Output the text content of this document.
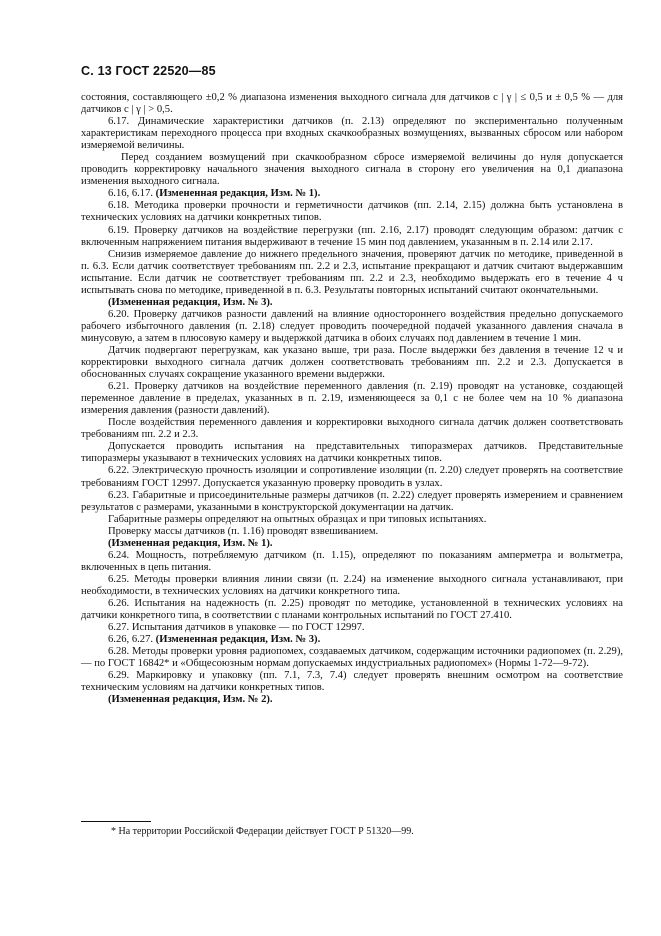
С. 13 ГОСТ 22520—85

состояния, составляющего ±0,2 % диапазона изменения выходного сигнала для датчиков с | γ | ≤ 0,5 и ± 0,5 % — для датчиков с | γ | > 0,5.

6.17. Динамические характеристики датчиков (п. 2.13) определяют по экспериментально полученным характеристикам переходного процесса при входных скачкообразных возмущениях, вызванных сбросом или набором измеряемой величины.

Перед созданием возмущений при скачкообразном сбросе измеряемой величины до нуля допускается проводить корректировку начального значения выходного сигнала в сторону его увеличения на 0,1 диапазона изменения выходного сигнала.

6.16, 6.17. (Измененная редакция, Изм. № 1).

6.18. Методика проверки прочности и герметичности датчиков (пп. 2.14, 2.15) должна быть установлена в технических условиях на датчики конкретных типов.

6.19. Проверку датчиков на воздействие перегрузки (пп. 2.16, 2.17) проводят следующим образом: датчик с включенным напряжением питания выдерживают в течение 15 мин под давлением, указанным в п. 2.14 или 2.17.

Снизив измеряемое давление до нижнего предельного значения, проверяют датчик по методике, приведенной в п. 6.3. Если датчик соответствует требованиям пп. 2.2 и 2.3, испытание прекращают и датчик считают выдержавшим испытание. Если датчик не соответствует требованиям пп. 2.2 и 2.3, необходимо выдержать его в течение 4 ч испытывать снова по методике, приведенной в п. 6.3. Результаты повторных испытаний считают окончательными.

(Измененная редакция, Изм. № 3).

6.20. Проверку датчиков разности давлений на влияние одностороннего воздействия предельно допускаемого рабочего избыточного давления (п. 2.18) следует проводить поочередной подачей указанного давления сначала в минусовую, а затем в плюсовую камеру и выдержкой датчика в обоих случаях под давлением в течение 1 мин.

Датчик подвергают перегрузкам, как указано выше, три раза. После выдержки без давления в течение 12 ч и корректировки выходного сигнала датчик должен соответствовать требованиям пп. 2.2 и 2.3. Допускается в обоснованных случаях сокращение указанного времени выдержки.

6.21. Проверку датчиков на воздействие переменного давления (п. 2.19) проводят на установке, создающей переменное давление в пределах, указанных в п. 2.19, изменяющееся за 0,1 с не более чем на 10 % диапазона измерения давления (разности давлений).

После воздействия переменного давления и корректировки выходного сигнала датчик должен соответствовать требованиям пп. 2.2 и 2.3.

Допускается проводить испытания на представительных типоразмерах датчиков. Представительные типоразмеры указывают в технических условиях на датчики конкретных типов.

6.22. Электрическую прочность изоляции и сопротивление изоляции (п. 2.20) следует проверять на соответствие требованиям ГОСТ 12997. Допускается указанную проверку проводить в узлах.

6.23. Габаритные и присоединительные размеры датчиков (п. 2.22) следует проверять измерением и сравнением результатов с размерами, указанными в конструкторской документации на датчик.

Габаритные размеры определяют на опытных образцах и при типовых испытаниях.

Проверку массы датчиков (п. 1.16) проводят взвешиванием.

(Измененная редакция, Изм. № 1).

6.24. Мощность, потребляемую датчиком (п. 1.15), определяют по показаниям амперметра и вольтметра, включенных в цепь питания.

6.25. Методы проверки влияния линии связи (п. 2.24) на изменение выходного сигнала устанавливают, при необходимости, в технических условиях на датчики конкретного типа.

6.26. Испытания на надежность (п. 2.25) проводят по методике, установленной в технических условиях на датчики конкретного типа, в соответствии с планами контрольных испытаний по ГОСТ 27.410.

6.27. Испытания датчиков в упаковке — по ГОСТ 12997.

6.26, 6.27. (Измененная редакция, Изм. № 3).

6.28. Методы проверки уровня радиопомех, создаваемых датчиком, содержащим источники радиопомех (п. 2.29), — по ГОСТ 16842* и «Общесоюзным нормам допускаемых индустриальных радиопомех» (Нормы 1-72—9-72).

6.29. Маркировку и упаковку (пп. 7.1, 7.3, 7.4) следует проверять внешним осмотром на соответствие техническим условиям на датчики конкретных типов.

(Измененная редакция, Изм. № 2).

* На территории Российской Федерации действует ГОСТ Р 51320—99.
